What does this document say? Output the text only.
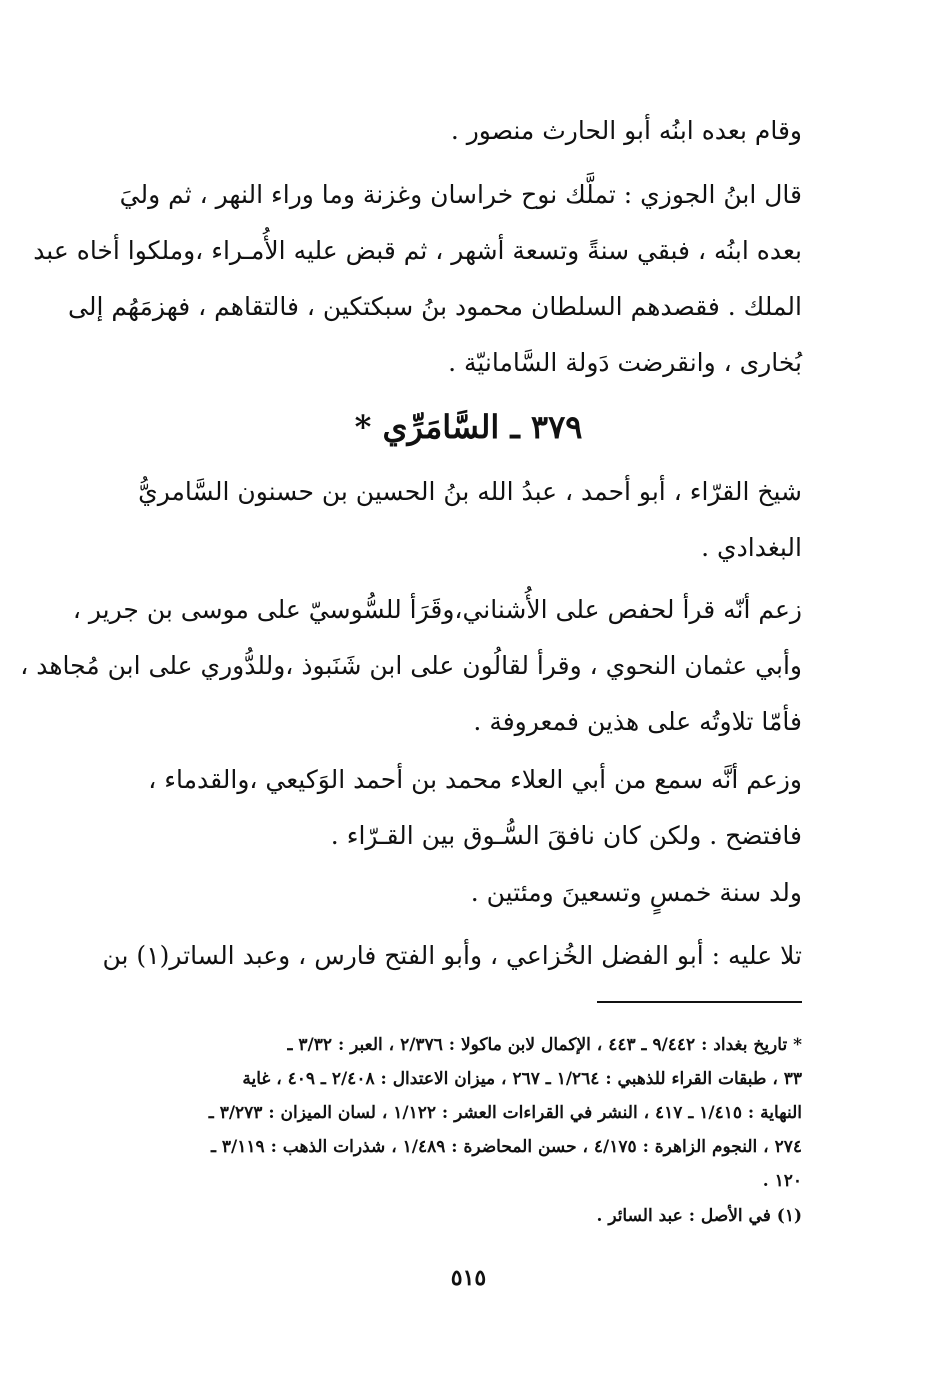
وقام بعده ابنُه أبو الحارث منصور .
قال ابنُ الجوزي : تملَّك نوح خراسان وغزنة وما وراء النهر ، ثم وليَ
بعده ابنُه ، فبقي سنةً وتسعة أشهر ، ثم قبض عليه الأُمـراء ،وملكوا أخاه عبد
الملك . فقصدهم السلطان محمود بنُ سبكتكين ، فالتقاهم ، فهزمَهُم إلى
بُخارى ، وانقرضت دَولة السَّامانيّة .
٣٧٩ ـ السَّامَرِّي *
شيخ القرّاء ، أبو أحمد ، عبدُ الله بنُ الحسين بن حسنون السَّامريُّ
البغدادي .
زعم أنّه قرأ لحفص على الأُشناني،وقَرَأ للسُّوسيّ على موسى بن جرير ،
وأبي عثمان النحوي ، وقرأ لقالُون على ابن شَنَبوذ ،وللدُّوري على ابن مُجاهد ،
فأمّا تلاوتُه على هذين فمعروفة .
وزعم أنَّه سمع من أبي العلاء محمد بن أحمد الوَكيعي ،والقدماء ،
فافتضح . ولكن كان نافقَ السُّـوق بين القـرّاء .
ولد سنة خمسٍ وتسعينَ ومئتين .
تلا عليه : أبو الفضل الخُزاعي ، وأبو الفتح فارس ، وعبد الساتر(١) بن
* تاريخ بغداد : ٩/٤٤٢ ـ ٤٤٣ ، الإكمال لابن ماكولا : ٢/٣٧٦ ، العبر : ٣/٣٢ ـ
٣٣ ، طبقات القراء للذهبي : ١/٢٦٤ ـ ٢٦٧ ، ميزان الاعتدال : ٢/٤٠٨ ـ ٤٠٩ ، غاية
النهاية : ١/٤١٥ ـ ٤١٧ ، النشر في القراءات العشر : ١/١٢٢ ، لسان الميزان : ٣/٢٧٣ ـ
٢٧٤ ، النجوم الزاهرة : ٤/١٧٥ ، حسن المحاضرة : ١/٤٨٩ ، شذرات الذهب : ٣/١١٩ ـ
١٢٠ .
(١) في الأصل : عبد السائر .
٥١٥
